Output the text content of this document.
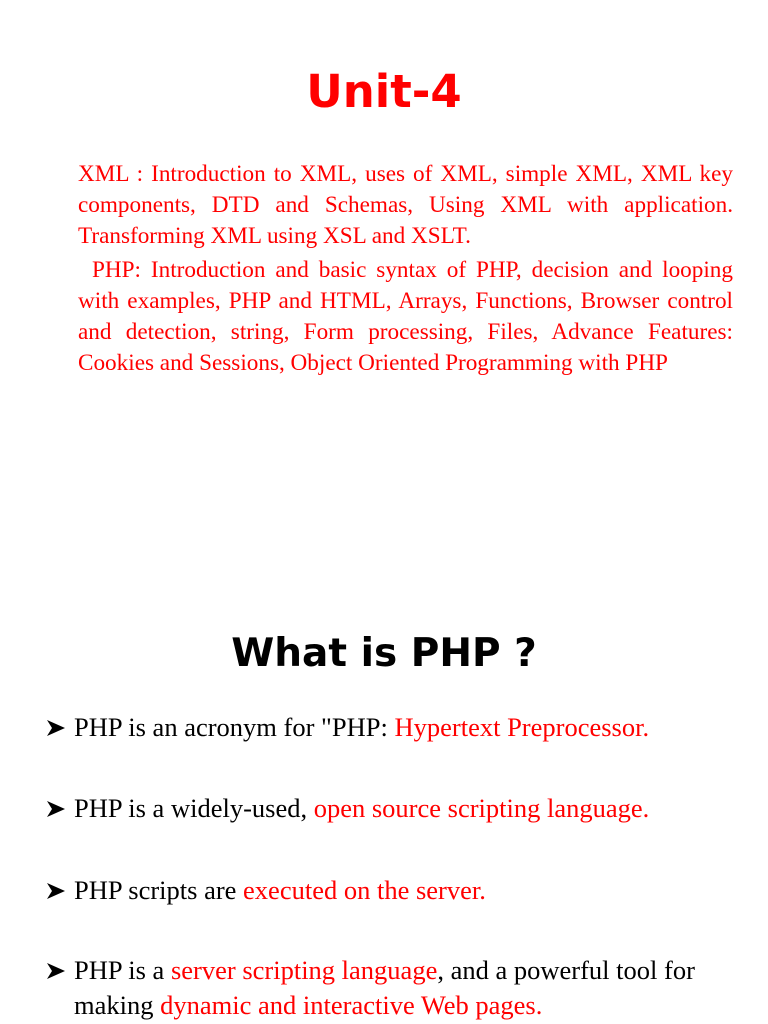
Unit-4

XML : Introduction to XML, uses of XML, simple XML, XML key components, DTD and Schemas, Using XML with application. Transforming XML using XSL and XSLT.

PHP: Introduction and basic syntax of PHP, decision and looping with examples, PHP and HTML, Arrays, Functions, Browser control and detection, string, Form processing, Files, Advance Features: Cookies and Sessions, Object Oriented Programming with PHP

What is PHP ?
PHP is an acronym for "PHP: Hypertext Preprocessor.
PHP is a widely-used, open source scripting language.
PHP scripts are executed on the server.
PHP is a server scripting language, and a powerful tool for making dynamic and interactive Web pages.
